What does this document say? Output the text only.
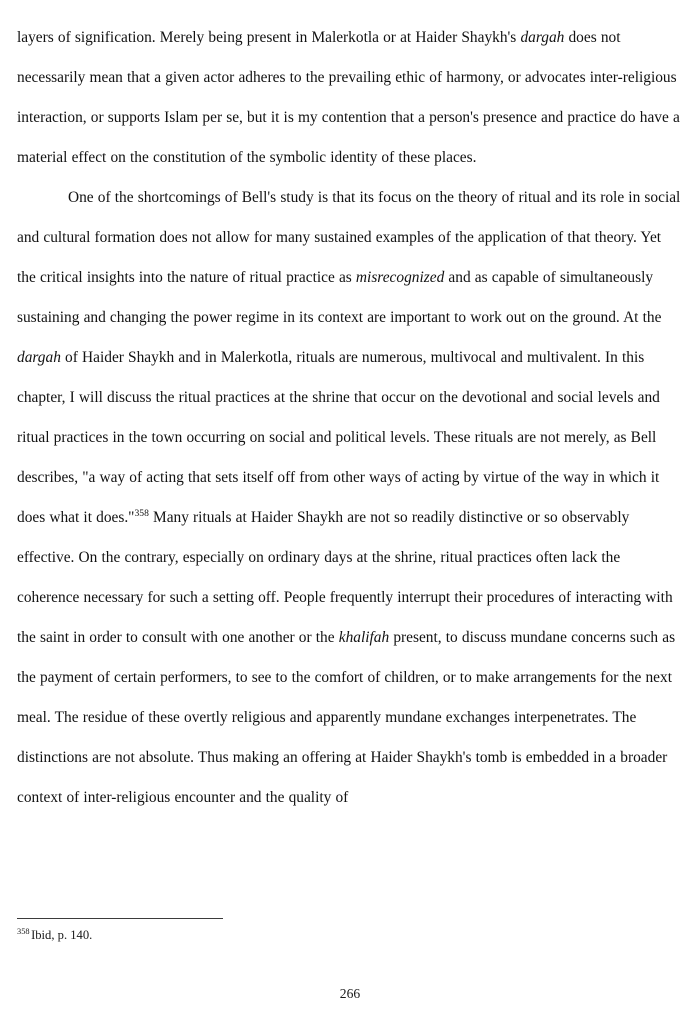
layers of signification. Merely being present in Malerkotla or at Haider Shaykh's dargah does not necessarily mean that a given actor adheres to the prevailing ethic of harmony, or advocates inter-religious interaction, or supports Islam per se, but it is my contention that a person's presence and practice do have a material effect on the constitution of the symbolic identity of these places.

One of the shortcomings of Bell's study is that its focus on the theory of ritual and its role in social and cultural formation does not allow for many sustained examples of the application of that theory. Yet the critical insights into the nature of ritual practice as misrecognized and as capable of simultaneously sustaining and changing the power regime in its context are important to work out on the ground. At the dargah of Haider Shaykh and in Malerkotla, rituals are numerous, multivocal and multivalent. In this chapter, I will discuss the ritual practices at the shrine that occur on the devotional and social levels and ritual practices in the town occurring on social and political levels. These rituals are not merely, as Bell describes, "a way of acting that sets itself off from other ways of acting by virtue of the way in which it does what it does."$^{358}$ Many rituals at Haider Shaykh are not so readily distinctive or so observably effective. On the contrary, especially on ordinary days at the shrine, ritual practices often lack the coherence necessary for such a setting off. People frequently interrupt their procedures of interacting with the saint in order to consult with one another or the khalifah present, to discuss mundane concerns such as the payment of certain performers, to see to the comfort of children, or to make arrangements for the next meal. The residue of these overtly religious and apparently mundane exchanges interpenetrates. The distinctions are not absolute. Thus making an offering at Haider Shaykh's tomb is embedded in a broader context of inter-religious encounter and the quality of

$^{358}$ Ibid, p. 140.

266
